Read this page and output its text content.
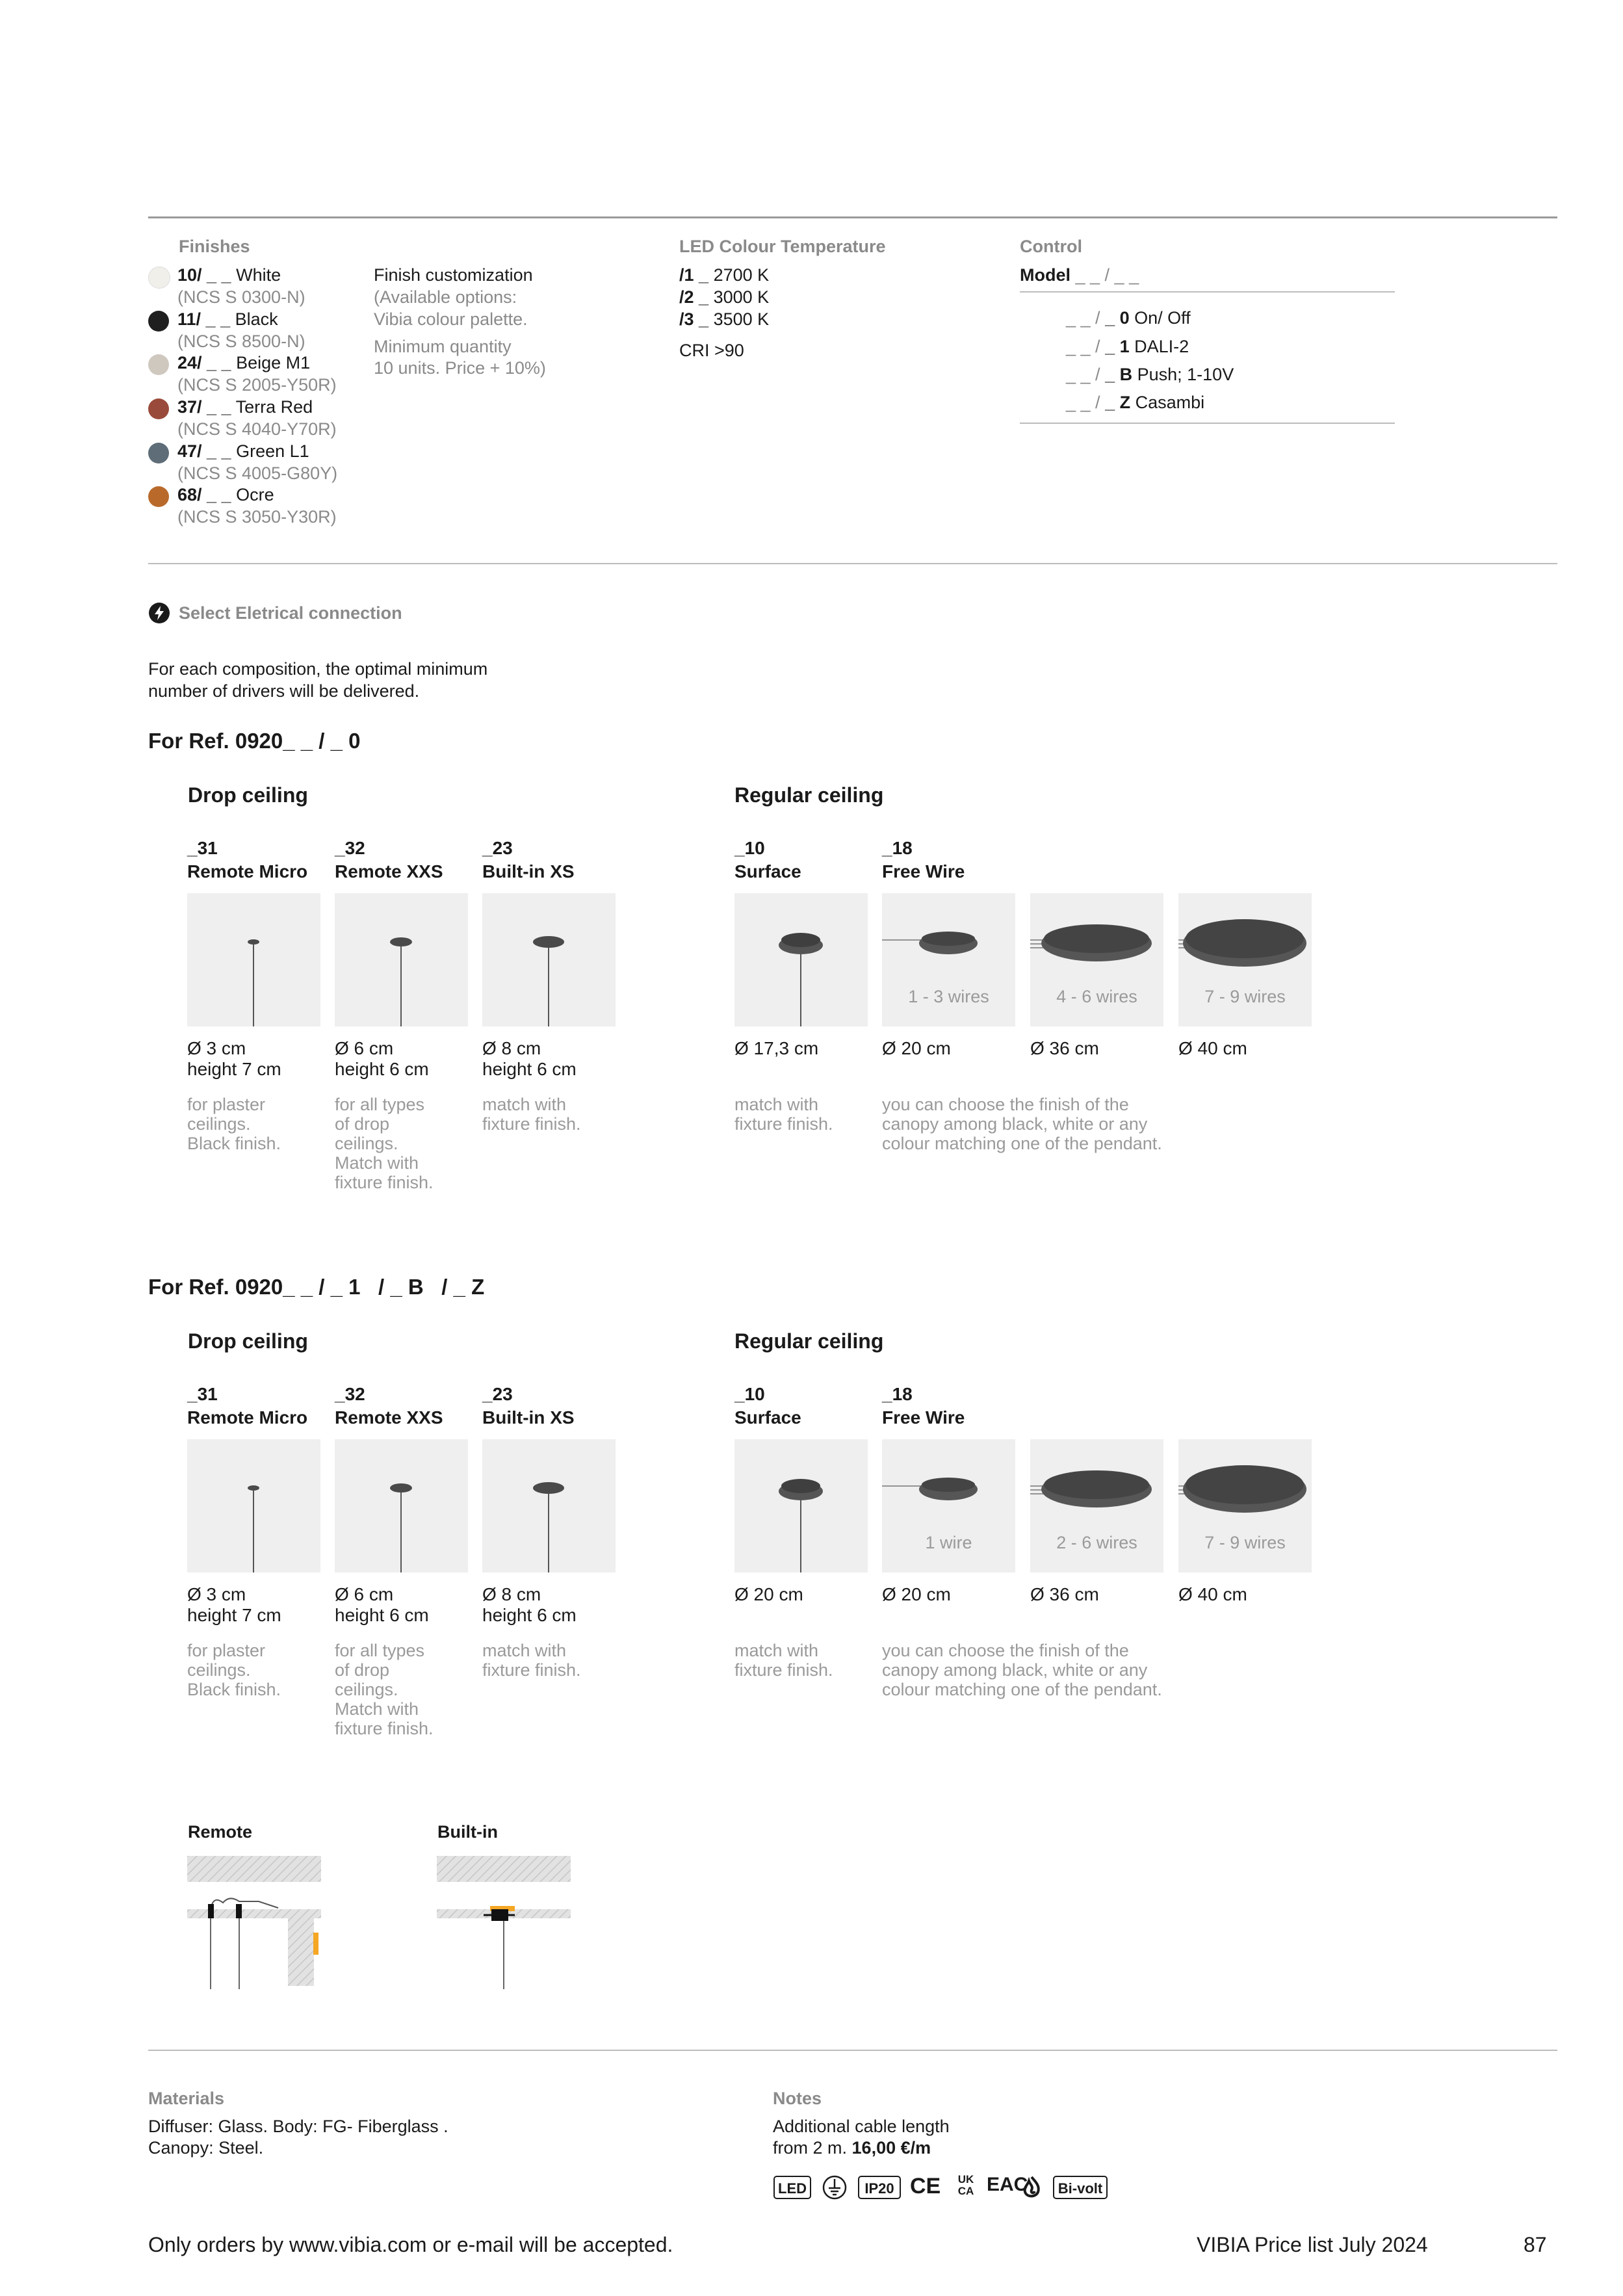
Finishes
10/ _ _ White
(NCS S 0300-N)
11/ _ _ Black
(NCS S 8500-N)
24/ _ _ Beige M1
(NCS S 2005-Y50R)
37/ _ _ Terra Red
(NCS S 4040-Y70R)
47/ _ _ Green L1
(NCS S 4005-G80Y)
68/ _ _ Ocre
(NCS S 3050-Y30R)
Finish customization
(Available options:
Vibia colour palette.
Minimum quantity
10 units. Price + 10%)
LED Colour Temperature
/1 _ 2700 K
/2 _ 3000 K
/3 _ 3500 K
CRI >90
Control
Model _ _ / _ _
_ _ / _ 0 On/ Off
_ _ / _ 1 DALI-2
_ _ / _ B Push; 1-10V
_ _ / _ Z Casambi
Select Eletrical connection
For each composition, the optimal minimum
number of drivers will be delivered.
For Ref. 0920_ _ / _ 0
Drop ceiling	Regular ceiling
_31
Remote Micro
Ø 3 cm
height 7 cm
for plaster
ceilings.
Black finish.
_32
Remote XXS
Ø 6 cm
height 6 cm
for all types
of drop
ceilings.
Match with
fixture finish.
_23
Built-in XS
Ø 8 cm
height 6 cm
match with
fixture finish.
_10
Surface
Ø 17,3 cm
match with
fixture finish.
_18
Free Wire
1 - 3 wires
Ø 20 cm
you can choose the finish of the
canopy among black, white or any
colour matching one of the pendant.
4 - 6 wires
Ø 36 cm
7 - 9 wires
Ø 40 cm
For Ref. 0920_ _ / _ 1   / _ B   / _ Z
Drop ceiling	Regular ceiling
_31
Remote Micro
Ø 3 cm
height 7 cm
for plaster
ceilings.
Black finish.
_32
Remote XXS
Ø 6 cm
height 6 cm
for all types
of drop
ceilings.
Match with
fixture finish.
_23
Built-in XS
Ø 8 cm
height 6 cm
match with
fixture finish.
_10
Surface
Ø 20 cm
match with
fixture finish.
_18
Free Wire
1 wire
Ø 20 cm
you can choose the finish of the
canopy among black, white or any
colour matching one of the pendant.
2 - 6 wires
Ø 36 cm
7 - 9 wires
Ø 40 cm
Remote	Built-in
Materials
Diffuser: Glass. Body: FG- Fiberglass .
Canopy: Steel.
Notes
Additional cable length
from 2 m. 16,00 €/m
LED	IP20 CE	UK CA EAC	Bi-volt
Only orders by www.vibia.com or e-mail will be accepted.	VIBIA Price list July 2024	87
